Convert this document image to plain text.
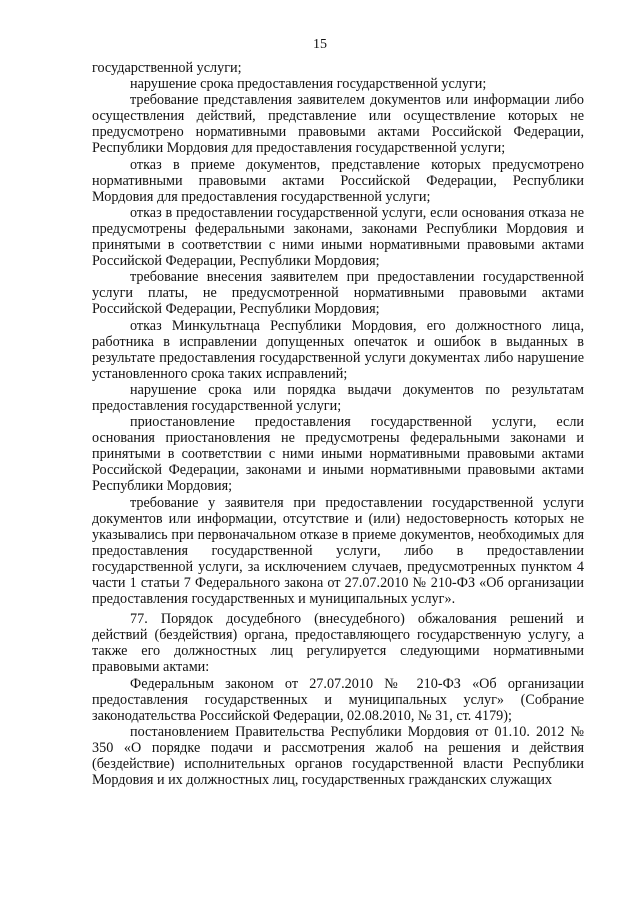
15

государственной услуги;

нарушение срока предоставления государственной услуги;

требование представления заявителем документов или информации либо осуществления действий, представление или осуществление которых не предусмотрено нормативными правовыми актами Российской Федерации, Республики Мордовия для предоставления государственной услуги;

отказ в приеме документов, представление которых предусмотрено нормативными правовыми актами Российской Федерации, Республики Мордовия для предоставления государственной услуги;

отказ в предоставлении государственной услуги, если основания отказа не предусмотрены федеральными законами, законами Республики Мордовия и принятыми в соответствии с ними иными нормативными правовыми актами Российской Федерации, Республики Мордовия;

требование внесения заявителем при предоставлении государственной услуги платы, не предусмотренной нормативными правовыми актами Российской Федерации, Республики Мордовия;

отказ Минкультнаца Республики Мордовия, его должностного лица, работника в исправлении допущенных опечаток и ошибок в выданных в результате предоставления государственной услуги документах либо нарушение установленного срока таких исправлений;

нарушение срока или порядка выдачи документов по результатам предоставления государственной услуги;

приостановление предоставления государственной услуги, если основания приостановления не предусмотрены федеральными законами и принятыми в соответствии с ними иными нормативными правовыми актами Российской Федерации, законами и иными нормативными правовыми актами Республики Мордовия;

требование у заявителя при предоставлении государственной услуги документов или информации, отсутствие и (или) недостоверность которых не указывались при первоначальном отказе в приеме документов, необходимых для предоставления государственной услуги, либо в предоставлении государственной услуги, за исключением случаев, предусмотренных пунктом 4 части 1 статьи 7 Федерального закона от 27.07.2010 № 210-ФЗ «Об организации предоставления государственных и муниципальных услуг».

77. Порядок досудебного (внесудебного) обжалования решений и действий (бездействия) органа, предоставляющего государственную услугу, а также его должностных лиц регулируется следующими нормативными правовыми актами:

Федеральным законом от 27.07.2010 № 210-ФЗ «Об организации предоставления государственных и муниципальных услуг» (Собрание законодательства Российской Федерации, 02.08.2010, № 31, ст. 4179);

постановлением Правительства Республики Мордовия от 01.10. 2012 № 350 «О порядке подачи и рассмотрения жалоб на решения и действия (бездействие) исполнительных органов государственной власти Республики Мордовия и их должностных лиц, государственных гражданских служащих
